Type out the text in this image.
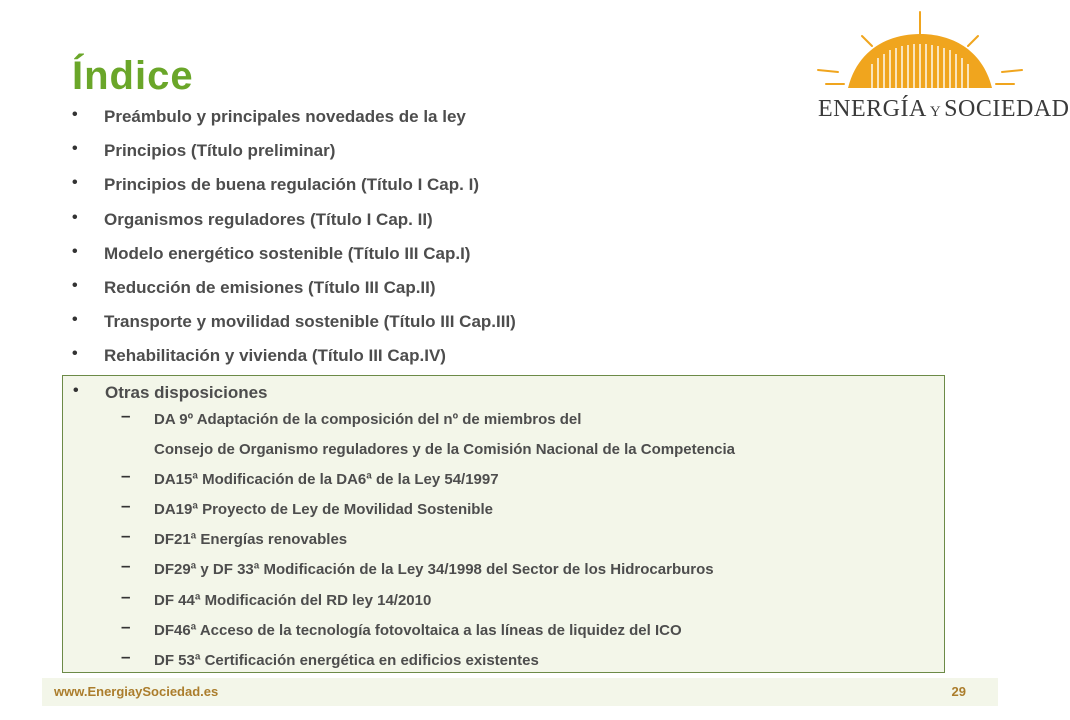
Índice
ENERGÍA Y SOCIEDAD
• Preámbulo y principales novedades de la ley
• Principios (Título preliminar)
• Principios de buena regulación (Título I Cap. I)
• Organismos reguladores (Título I Cap. II)
• Modelo energético sostenible (Título III Cap.I)
• Reducción de emisiones (Título III Cap.II)
• Transporte y movilidad sostenible (Título III Cap.III)
• Rehabilitación y vivienda (Título III Cap.IV)
• Otras disposiciones
– DA 9º Adaptación de la composición del nº de miembros del
Consejo de Organismo reguladores y de la Comisión Nacional de la Competencia
– DA15ª Modificación de la DA6ª de la Ley 54/1997
– DA19ª Proyecto de Ley de Movilidad Sostenible
– DF21ª Energías renovables
– DF29ª y DF 33ª Modificación de la Ley 34/1998 del Sector de los Hidrocarburos
– DF 44ª Modificación del RD ley 14/2010
– DF46ª Acceso de la tecnología fotovoltaica a las líneas de liquidez del ICO
– DF 53ª Certificación energética en edificios existentes
www.EnergiaySociedad.es	29
